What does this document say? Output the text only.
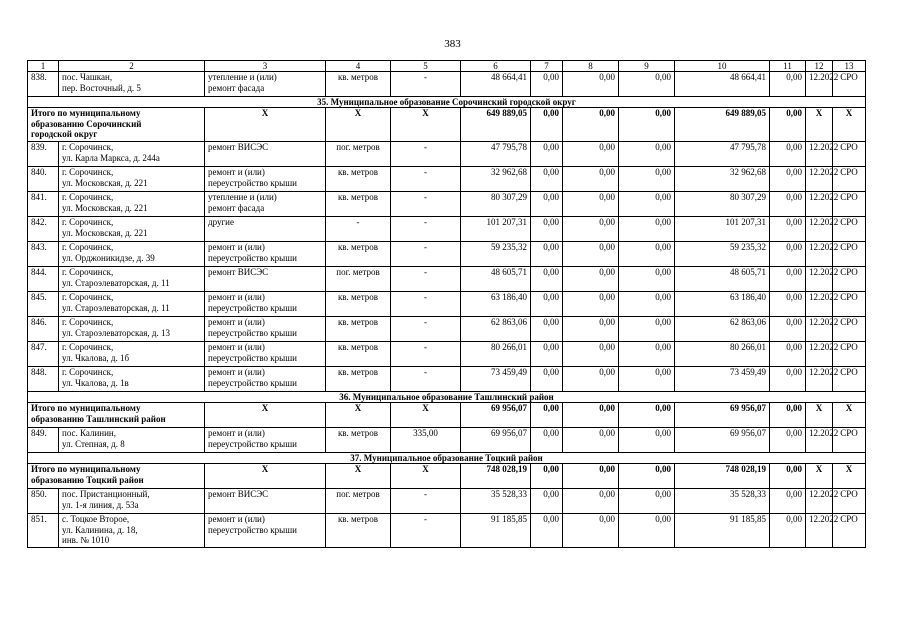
383
1	2	3	4	5	6	7	8	9	10	11	12	13
838.	пос. Чашкан,
пер. Восточный, д. 5	утепление и (или)
ремонт фасада	кв. метров	-	48 664,41	0,00	0,00	0,00	48 664,41	0,00	12.2022	СРО
35. Муниципальное образование Сорочинский городской округ												

Итого по муниципальному
образованию Сорочинский
городской округ		Х	Х	Х	649 889,05	0,00	0,00	0,00	649 889,05	0,00	Х	Х
839.	г. Сорочинск,
ул. Карла Маркса, д. 244а	ремонт ВИСЭС	пог. метров	-	47 795,78	0,00	0,00	0,00	47 795,78	0,00	12.2022	СРО
840.	г. Сорочинск,
ул. Московская, д. 221	ремонт и (или)
переустройство крыши	кв. метров	-	32 962,68	0,00	0,00	0,00	32 962,68	0,00	12.2022	СРО
841.	г. Сорочинск,
ул. Московская, д. 221	утепление и (или)
ремонт фасада	кв. метров	-	80 307,29	0,00	0,00	0,00	80 307,29	0,00	12.2022	СРО
842.	г. Сорочинск,
ул. Московская, д. 221	другие	-	-	101 207,31	0,00	0,00	0,00	101 207,31	0,00	12.2022	СРО
843.	г. Сорочинск,
ул. Орджоникидзе, д. 39	ремонт и (или)
переустройство крыши	кв. метров	-	59 235,32	0,00	0,00	0,00	59 235,32	0,00	12.2022	СРО
844.	г. Сорочинск,
ул. Староэлеваторская, д. 11	ремонт ВИСЭС	пог. метров	-	48 605,71	0,00	0,00	0,00	48 605,71	0,00	12.2022	СРО
845.	г. Сорочинск,
ул. Староэлеваторская, д. 11	ремонт и (или)
переустройство крыши	кв. метров	-	63 186,40	0,00	0,00	0,00	63 186,40	0,00	12.2022	СРО
846.	г. Сорочинск,
ул. Староэлеваторская, д. 13	ремонт и (или)
переустройство крыши	кв. метров	-	62 863,06	0,00	0,00	0,00	62 863,06	0,00	12.2022	СРО
847.	г. Сорочинск,
ул. Чкалова, д. 1б	ремонт и (или)
переустройство крыши	кв. метров	-	80 266,01	0,00	0,00	0,00	80 266,01	0,00	12.2022	СРО
848.	г. Сорочинск,
ул. Чкалова, д. 1в	ремонт и (или)
переустройство крыши	кв. метров	-	73 459,49	0,00	0,00	0,00	73 459,49	0,00	12.2022	СРО
36. Муниципальное образование Ташлинский район												

Итого по муниципальному
образованию Ташлинский район		Х	Х	Х	69 956,07	0,00	0,00	0,00	69 956,07	0,00	Х	Х
849.	пос. Калинин,
ул. Степная, д. 8	ремонт и (или)
переустройство крыши	кв. метров	335,00	69 956,07	0,00	0,00	0,00	69 956,07	0,00	12.2022	СРО
37. Муниципальное образование Тоцкий район												

Итого по муниципальному
образованию Тоцкий район		Х	Х	Х	748 028,19	0,00	0,00	0,00	748 028,19	0,00	Х	Х
850.	пос. Пристанционный,
ул. 1-я линия, д. 53а	ремонт ВИСЭС	пог. метров	-	35 528,33	0,00	0,00	0,00	35 528,33	0,00	12.2022	СРО
851.	с. Тоцкое Второе,
ул. Калинина, д. 18,
инв. № 1010	ремонт и (или)
переустройство крыши	кв. метров	-	91 185,85	0,00	0,00	0,00	91 185,85	0,00	12.2022	СРО
